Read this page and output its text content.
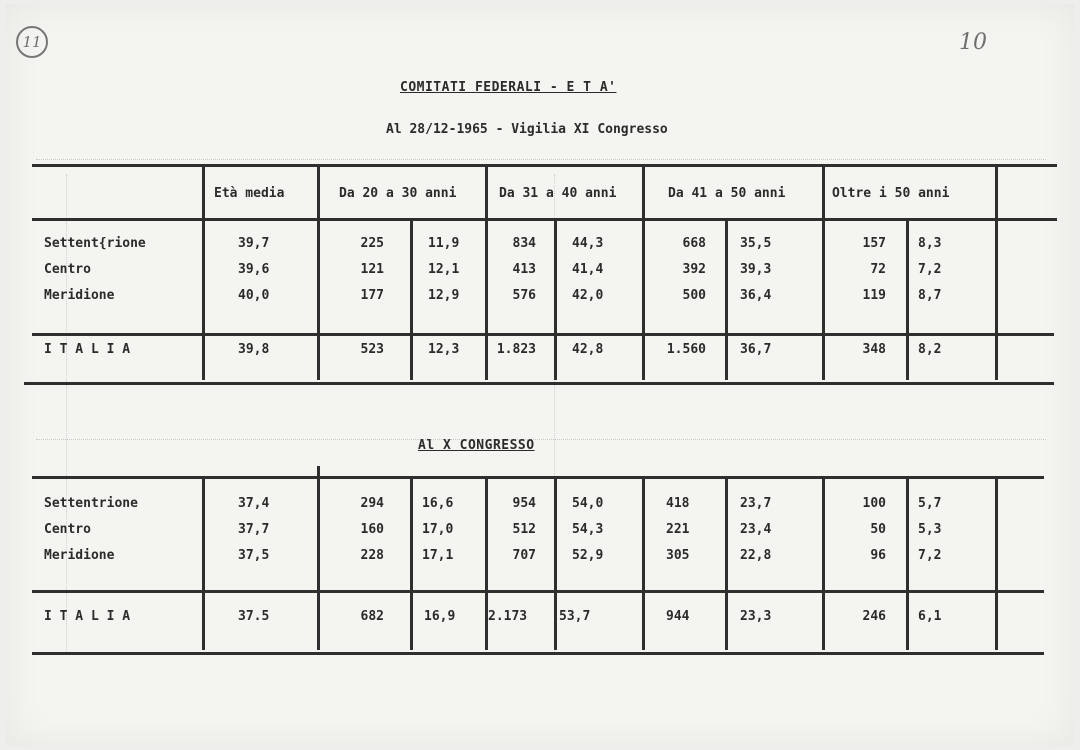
11	10
COMITATI FEDERALI - E T A'
Al 28/12-1965 - Vigilia XI Congresso
Età media	Da 20 a 30 anni	Da 31 a 40 anni	Da 41 a 50 anni	Oltre i 50 anni
Settent{rione	39,7	225	11,9	834	44,3	668	35,5	157 8,3
Centro	39,6	121	12,1	413	41,4	392	39,3	72 7,2
Meridione	40,0	177	12,9	576	42,0	500	36,4	119 8,7
I T A L I A	39,8	523	12,3	1.823	42,8	1.560	36,7	348 8,2
Al X CONGRESSO
Settentrione	37,4	294	16,6	954	54,0	418	23,7	100 5,7
Centro	37,7	160	17,0	512	54,3	221	23,4	50 5,3
Meridione	37,5	228	17,1	707	52,9	305	22,8	96 7,2
I T A L I A	37.5	682	16,9	2.173 53,7	944	23,3	246 6,1
